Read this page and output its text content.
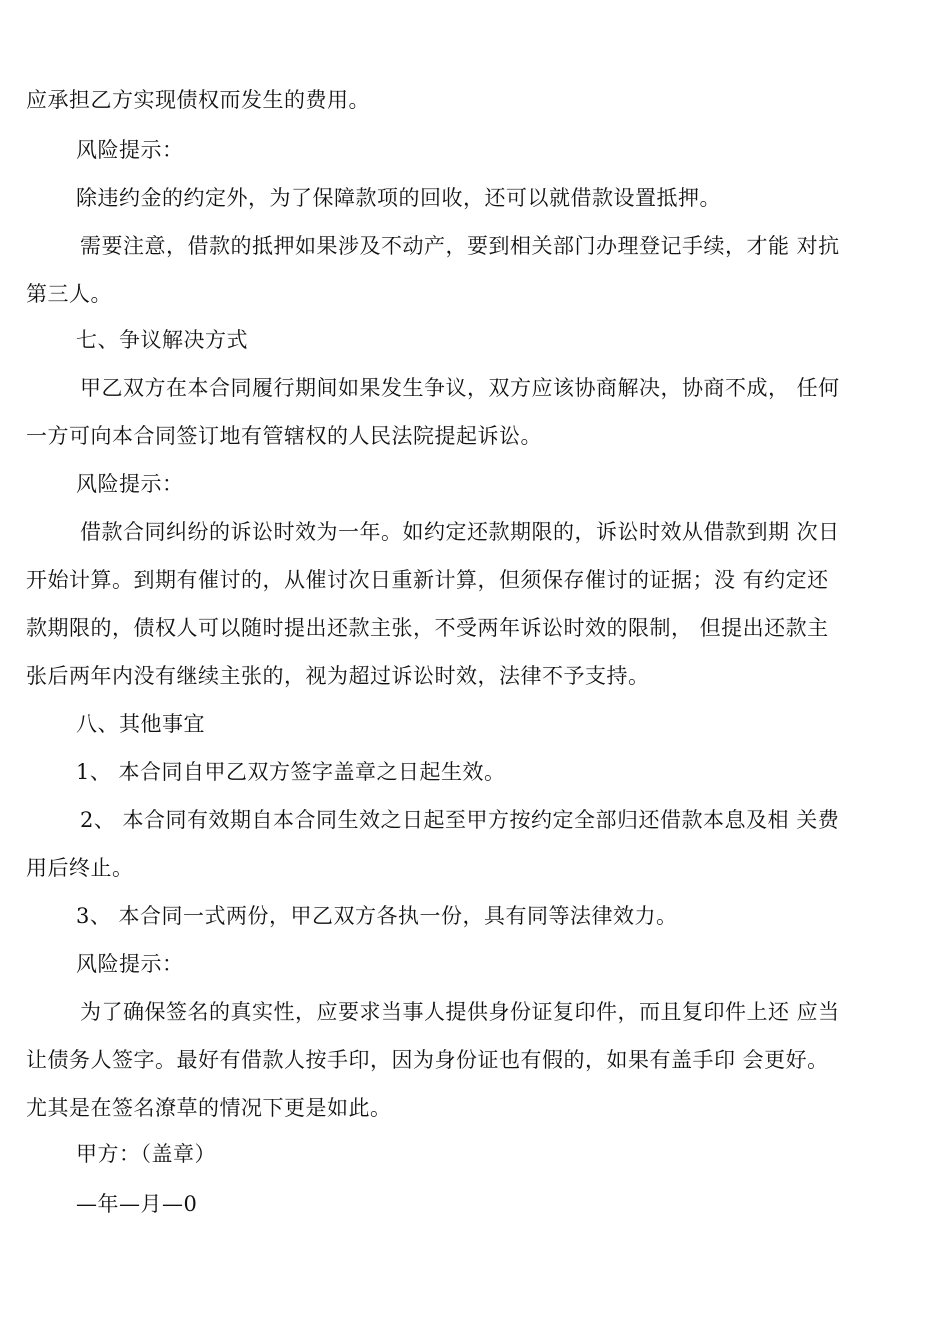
应承担乙方实现债权而发生的费用。
风险提示：
除违约金的约定外，为了保障款项的回收，还可以就借款设置抵押。
需要注意，借款的抵押如果涉及不动产，要到相关部门办理登记手续，才能 对抗
第三人。
七、争议解决方式
甲乙双方在本合同履行期间如果发生争议，双方应该协商解决，协商不成， 任何
一方可向本合同签订地有管辖权的人民法院提起诉讼。
风险提示：
借款合同纠纷的诉讼时效为一年。如约定还款期限的，诉讼时效从借款到期 次日
开始计算。到期有催讨的，从催讨次日重新计算，但须保存催讨的证据；没 有约定还
款期限的，债权人可以随时提出还款主张，不受两年诉讼时效的限制， 但提出还款主
张后两年内没有继续主张的，视为超过诉讼时效，法律不予支持。
八、其他事宜
1、 本合同自甲乙双方签字盖章之日起生效。
2、 本合同有效期自本合同生效之日起至甲方按约定全部归还借款本息及相 关费
用后终止。
3、 本合同一式两份，甲乙双方各执一份，具有同等法律效力。
风险提示：
为了确保签名的真实性，应要求当事人提供身份证复印件，而且复印件上还 应当
让债务人签字。最好有借款人按手印，因为身份证也有假的，如果有盖手印 会更好。
尤其是在签名潦草的情况下更是如此。
甲方：（盖章）
—年—月—0
